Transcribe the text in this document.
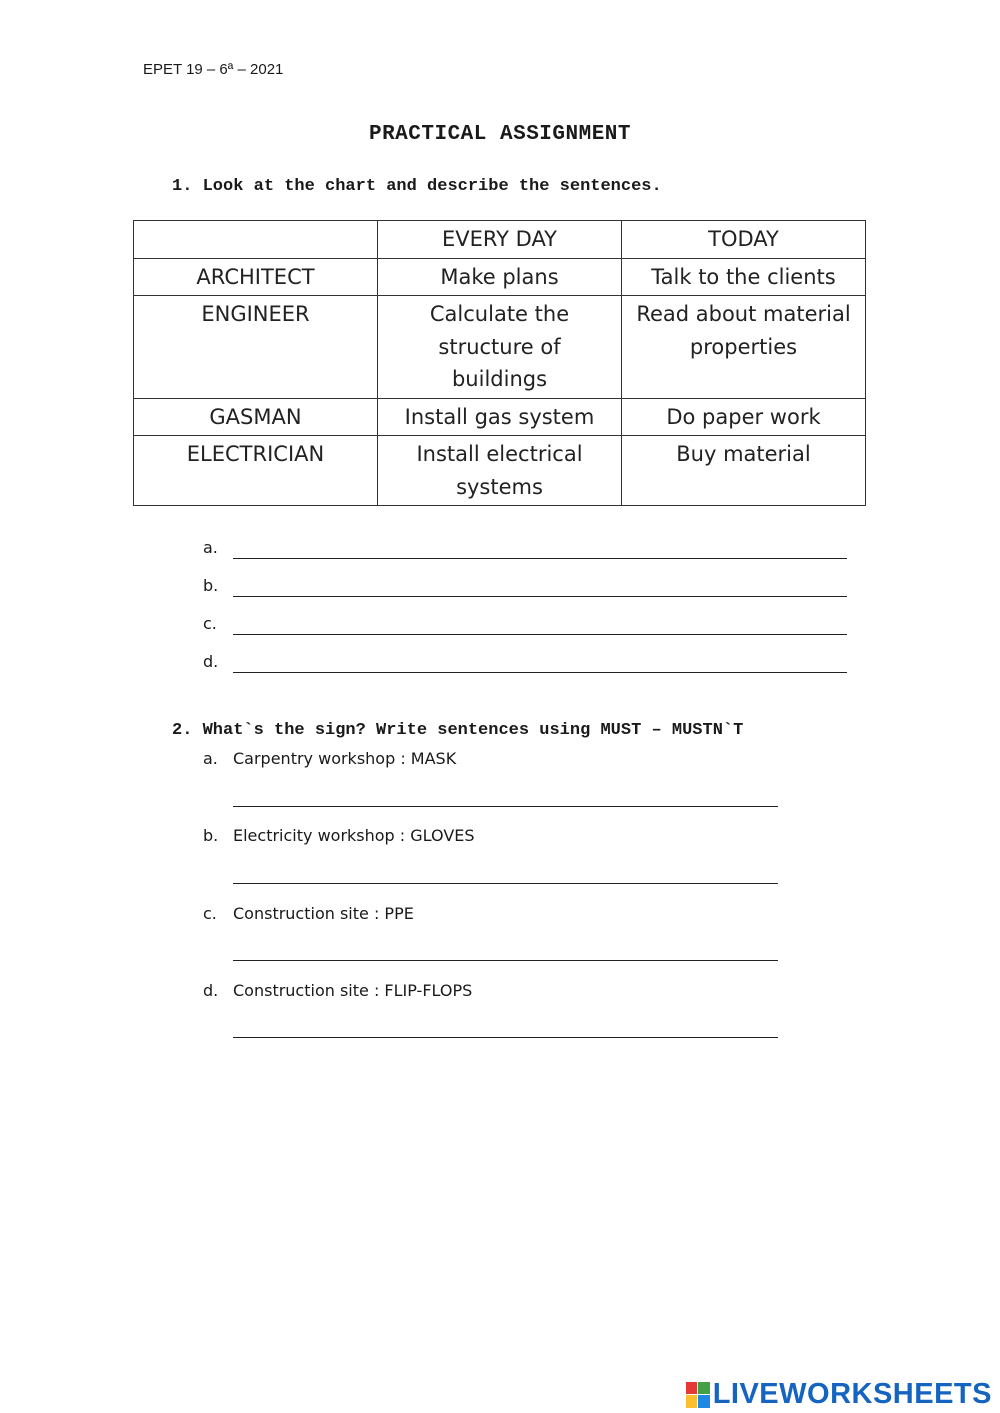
EPET 19 – 6ª – 2021
PRACTICAL ASSIGNMENT
1. Look at the chart and describe the sentences.
	EVERY DAY	TODAY
ARCHITECT	Make plans	Talk to the clients
ENGINEER	Calculate the structure of buildings	Read about material properties
GASMAN	Install gas system	Do paper work
ELECTRICIAN	Install electrical systems	Buy material
a.
b.
c.
d.
2. What`s the sign? Write sentences using MUST – MUSTN`T
a. Carpentry workshop : MASK
b. Electricity workshop : GLOVES
c. Construction site : PPE
d. Construction site : FLIP-FLOPS
LIVEWORKSHEETS
